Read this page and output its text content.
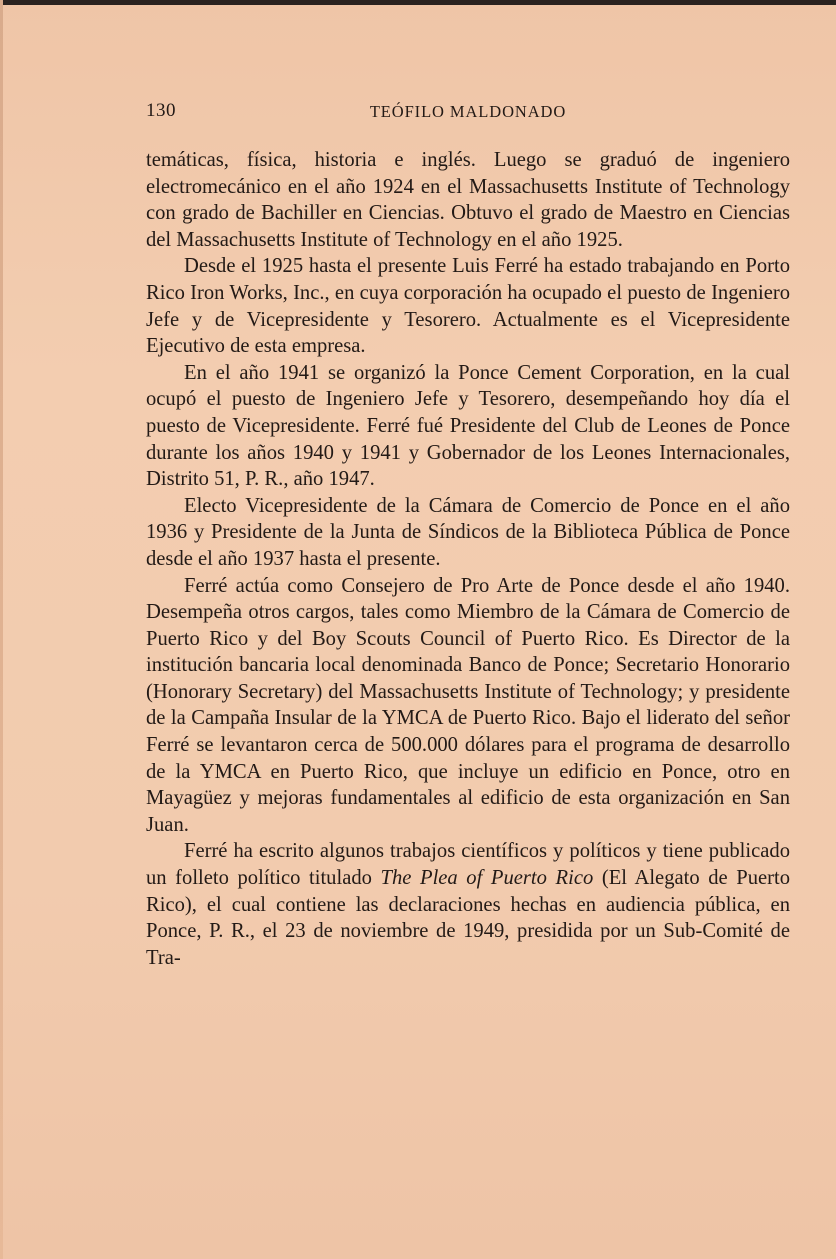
130	TEÓFILO MALDONADO

temáticas, física, historia e inglés. Luego se graduó de ingeniero electromecánico en el año 1924 en el Massachusetts Institute of Technology con grado de Bachiller en Ciencias. Obtuvo el grado de Maestro en Ciencias del Massachusetts Institute of Technology en el año 1925.

Desde el 1925 hasta el presente Luis Ferré ha estado trabajando en Porto Rico Iron Works, Inc., en cuya corporación ha ocupado el puesto de Ingeniero Jefe y de Vicepresidente y Tesorero. Actualmente es el Vicepresidente Ejecutivo de esta empresa.

En el año 1941 se organizó la Ponce Cement Corporation, en la cual ocupó el puesto de Ingeniero Jefe y Tesorero, desempeñando hoy día el puesto de Vicepresidente. Ferré fué Presidente del Club de Leones de Ponce durante los años 1940 y 1941 y Gobernador de los Leones Internacionales, Distrito 51, P. R., año 1947.

Electo Vicepresidente de la Cámara de Comercio de Ponce en el año 1936 y Presidente de la Junta de Síndicos de la Biblioteca Pública de Ponce desde el año 1937 hasta el presente.

Ferré actúa como Consejero de Pro Arte de Ponce desde el año 1940. Desempeña otros cargos, tales como Miembro de la Cámara de Comercio de Puerto Rico y del Boy Scouts Council of Puerto Rico. Es Director de la institución bancaria local denominada Banco de Ponce; Secretario Honorario (Honorary Secretary) del Massachusetts Institute of Technology; y presidente de la Campaña Insular de la YMCA de Puerto Rico. Bajo el liderato del señor Ferré se levantaron cerca de 500.000 dólares para el programa de desarrollo de la YMCA en Puerto Rico, que incluye un edificio en Ponce, otro en Mayagüez y mejoras fundamentales al edificio de esta organización en San Juan.

Ferré ha escrito algunos trabajos científicos y políticos y tiene publicado un folleto político titulado The Plea of Puerto Rico (El Alegato de Puerto Rico), el cual contiene las declaraciones hechas en audiencia pública, en Ponce, P. R., el 23 de noviembre de 1949, presidida por un Sub-Comité de Tra-
